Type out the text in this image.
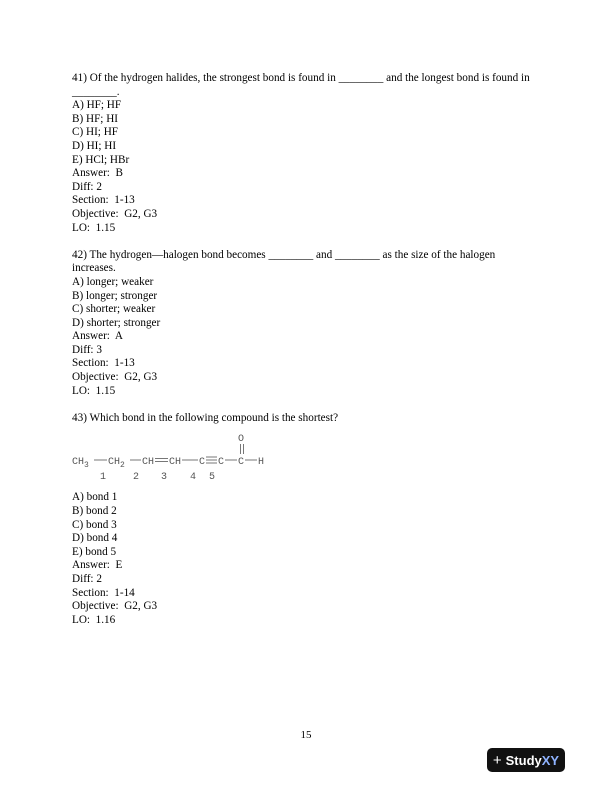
41) Of the hydrogen halides, the strongest bond is found in ________ and the longest bond is found in ________.
A) HF; HF
B) HF; HI
C) HI; HF
D) HI; HI
E) HCl; HBr
Answer:  B
Diff: 2
Section:  1-13
Objective:  G2, G3
LO:  1.15
42) The hydrogen—halogen bond becomes ________ and ________ as the size of the halogen increases.
A) longer; weaker
B) longer; stronger
C) shorter; weaker
D) shorter; stronger
Answer:  A
Diff: 3
Section:  1-13
Objective:  G2, G3
LO:  1.15
43) Which bond in the following compound is the shortest?
O
$CH_3$ $CH_2$ CH CH C C C H
1	2 3 4 5
A) bond 1
B) bond 2
C) bond 3
D) bond 4
E) bond 5
Answer:  E
Diff: 2
Section:  1-14
Objective:  G2, G3
LO:  1.16
15
+ Study XY
